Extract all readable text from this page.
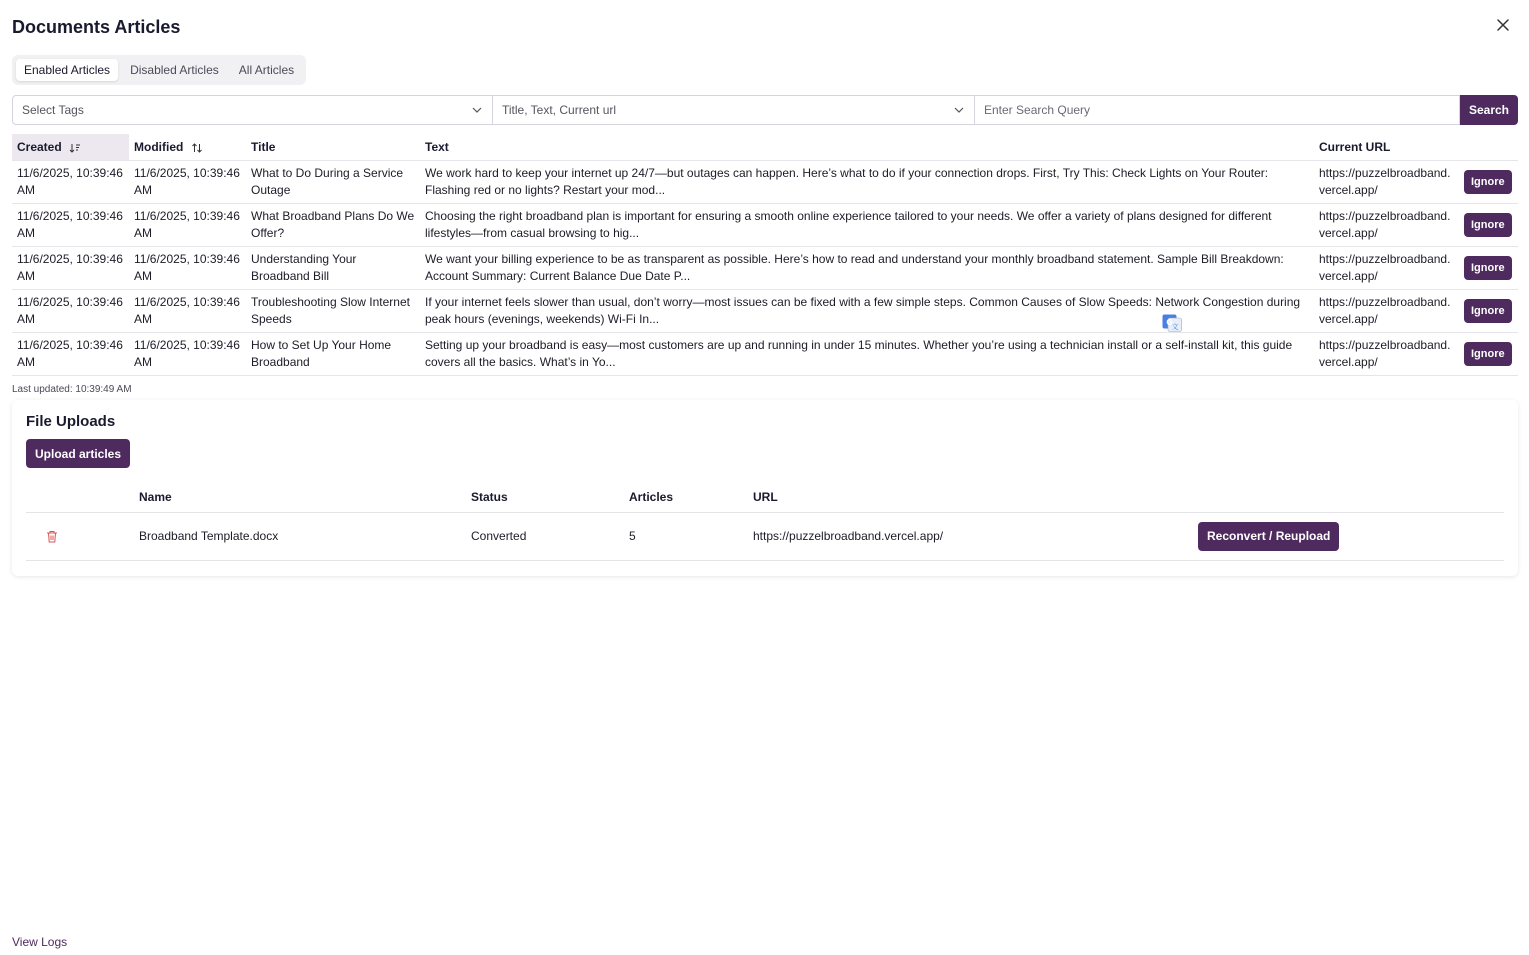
Documents Articles
Enabled Articles	Disabled Articles	All Articles
Select Tags	Title, Text, Current url
Enter Search Query	Search
Created	Modified	Title	Text	Current URL	
11/6/2025, 10:39:46 AM	11/6/2025, 10:39:46 AM	What to Do During a Service Outage	We work hard to keep your internet up 24/7—but outages can happen. Here’s what to do if your connection drops. First, Try This: Check Lights on Your Router: Flashing red or no lights? Restart your mod...	https://puzzelbroadband.vercel.app/	Ignore
11/6/2025, 10:39:46 AM	11/6/2025, 10:39:46 AM	What Broadband Plans Do We Offer?	Choosing the right broadband plan is important for ensuring a smooth online experience tailored to your needs. We offer a variety of plans designed for different lifestyles—from casual browsing to hig...	https://puzzelbroadband.vercel.app/	Ignore
11/6/2025, 10:39:46 AM	11/6/2025, 10:39:46 AM	Understanding Your Broadband Bill	We want your billing experience to be as transparent as possible. Here’s how to read and understand your monthly broadband statement. Sample Bill Breakdown: Account Summary: Current Balance Due Date P...	https://puzzelbroadband.vercel.app/	Ignore
11/6/2025, 10:39:46 AM	11/6/2025, 10:39:46 AM	Troubleshooting Slow Internet Speeds	If your internet feels slower than usual, don’t worry—most issues can be fixed with a few simple steps. Common Causes of Slow Speeds: Network Congestion during peak hours (evenings, weekends) Wi-Fi In...	https://puzzelbroadband.vercel.app/	Ignore
11/6/2025, 10:39:46 AM	11/6/2025, 10:39:46 AM	How to Set Up Your Home Broadband	Setting up your broadband is easy—most customers are up and running in under 15 minutes. Whether you’re using a technician install or a self-install kit, this guide covers all the basics. What’s in Yo...	https://puzzelbroadband.vercel.app/	Ignore
G
文
Last updated: 10:39:49 AM
File Uploads
Upload articles
	Name	Status	Articles	URL	

	Broadband Template.docx	Converted	5	https://puzzelbroadband.vercel.app/	Reconvert / Reupload
View Logs
